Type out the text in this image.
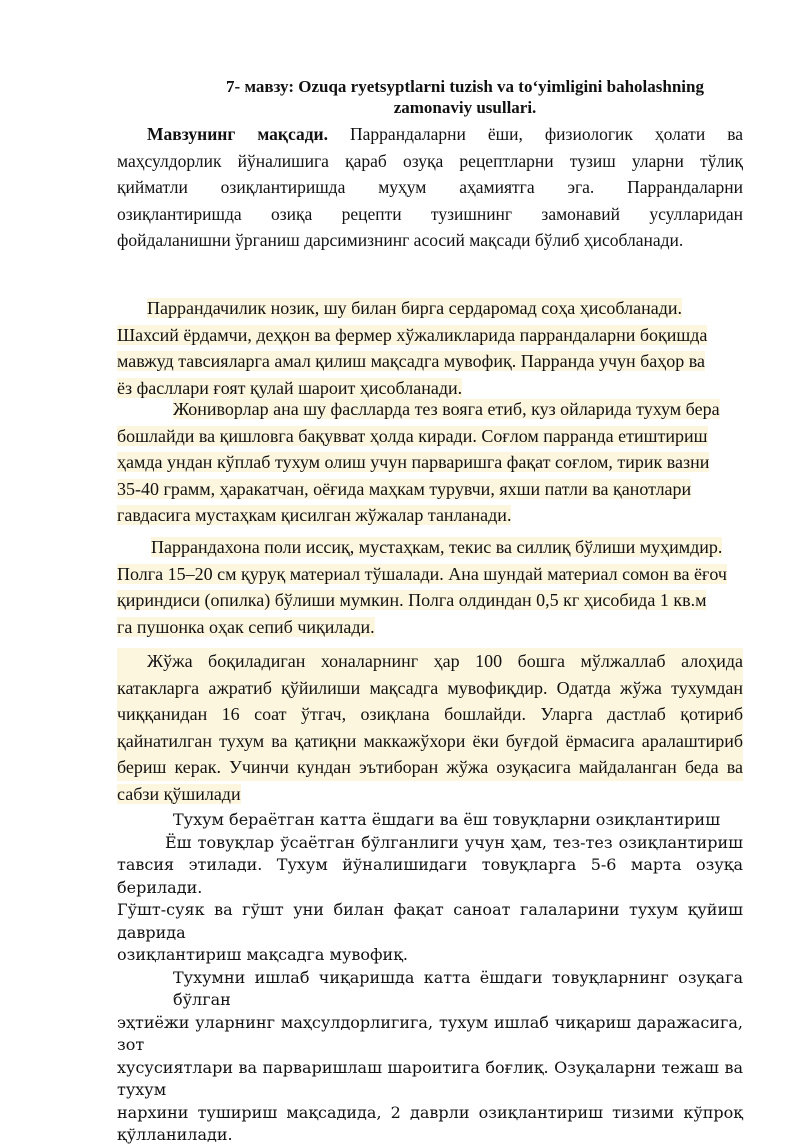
7- мавзу: Ozuqa ryetsyptlarni tuzish va to‘yimligini baholashning
zamonaviy usullari.
Мавзунинг мақсади. Паррандаларни ёши, физиологик ҳолати ва
маҳсулдорлик йўналишига қараб озуқа рецептларни тузиш уларни тўлиқ
қийматли озиқлантиришда муҳум аҳамиятга эга. Паррандаларни
озиқлантиришда озиқа рецепти тузишнинг замонавий усулларидан
фойдаланишни ўрганиш дарсимизнинг асосий мақсади бўлиб ҳисобланади.
Паррандачилик нозик, шу билан бирга сердаромад соҳа ҳисобланади.
Шахсий ёрдамчи, деҳқон ва фермер хўжаликларида паррандаларни боқишда
мавжуд тавсияларга амал қилиш мақсадга мувофиқ. Парранда учун баҳор ва
ёз фасллари ғоят қулай шароит ҳисобланади.
Жониворлар ана шу фаслларда тез вояга етиб, куз ойларида тухум бера
бошлайди ва қишловга бақувват ҳолда киради. Соғлом парранда етиштириш
ҳамда ундан кўплаб тухум олиш учун парваришга фақат соғлом, тирик вазни
35-40 грамм, ҳаракатчан, оёғида маҳкам турувчи, яхши патли ва қанотлари
гавдасига мустаҳкам қисилган жўжалар танланади.
Паррандахона поли иссиқ, мустаҳкам, текис ва силлиқ бўлиши муҳимдир.
Полга 15–20 см қуруқ материал тўшалади. Ана шундай материал сомон ва ёғоч
қириндиси (опилка) бўлиши мумкин. Полга олдиндан 0,5 кг ҳисобида 1 кв.м
га пушонка оҳак сепиб чиқилади.
Жўжа боқиладиган хоналарнинг ҳар 100 бошга мўлжаллаб алоҳида
катакларга ажратиб қўйилиши мақсадга мувофиқдир. Одатда жўжа тухумдан
чиққанидан 16 соат ўтгач, озиқлана бошлайди. Уларга дастлаб қотириб
қайнатилган тухум ва қатиқни маккажўхори ёки буғдой ёрмасига аралаштириб
бериш керак. Учинчи кундан эътиборан жўжа озуқасига майдаланган беда ва
сабзи қўшилади
Тухум бераётган катта ёшдаги ва ёш товуқларни озиқлантириш
Ёш товуқлар ўсаётган бўлганлиги учун ҳам, тез-тез озиқлантириш
тавсия этилади. Тухум йўналишидаги товуқларга 5-6 марта озуқа берилади.
Гўшт-суяк ва гўшт уни билан фақат саноат галаларини тухум қуйиш даврида
озиқлантириш мақсадга мувофиқ.
Тухумни ишлаб чиқаришда катта ёшдаги товуқларнинг озуқага бўлган
эҳтиёжи уларнинг маҳсулдорлигига, тухум ишлаб чиқариш даражасига, зот
хусусиятлари ва парваришлаш шароитига боғлиқ. Озуқаларни тежаш ва тухум
нархини тушириш мақсадида, 2 даврли озиқлантириш тизими кўпроқ
қўлланилади.
